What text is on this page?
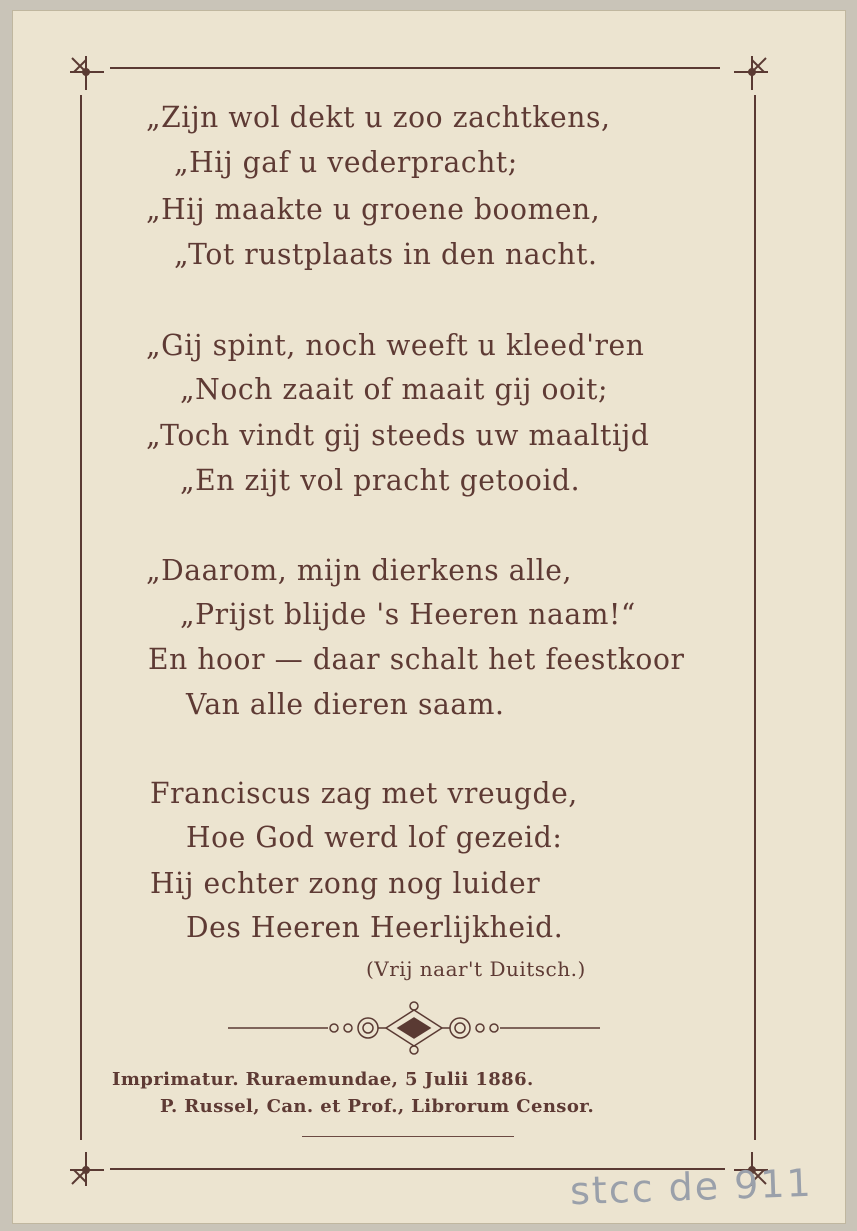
„Zijn wol dekt u zoo zachtkens,
„Hij gaf u vederpracht;
„Hij maakte u groene boomen,
„Tot rustplaats in den nacht.
„Gij spint, noch weeft u kleed'ren
„Noch zaait of maait gij ooit;
„Toch vindt gij steeds uw maaltijd
„En zijt vol pracht getooid.
„Daarom, mijn dierkens alle,
„Prijst blijde 's Heeren naam!“
En hoor — daar schalt het feestkoor
Van alle dieren saam.
Franciscus zag met vreugde,
Hoe God werd lof gezeid:
Hij echter zong nog luider
Des Heeren Heerlijkheid.
(Vrij naar't Duitsch.)
Imprimatur. Ruraemundae, 5 Julii 1886.
P. Russel, Can. et Prof., Librorum Censor.
stcc de 911
